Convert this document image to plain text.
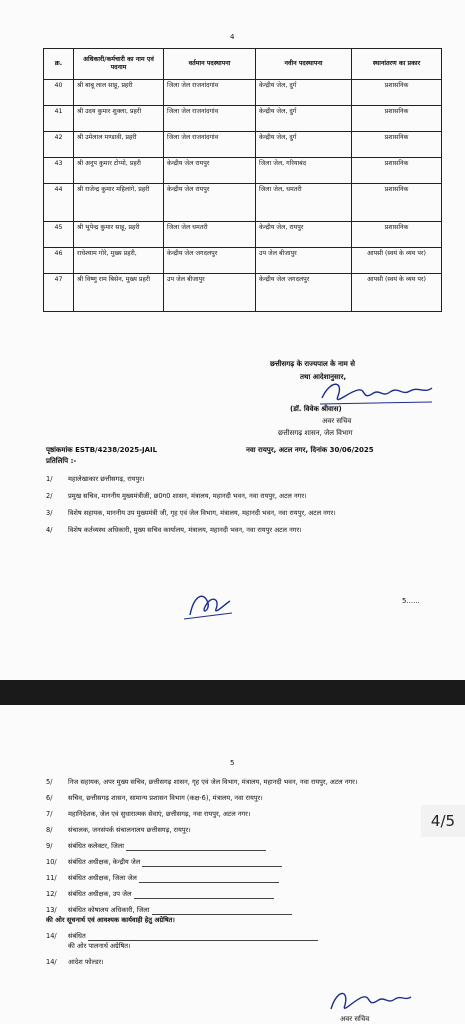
4
क्र.	अधिकारी/कर्मचारी का नाम एवं पदनाम	वर्तमान पदस्थापना	नवीन पदस्थापना	स्थानांतरण का प्रकार
40	श्री बाबू लाल साहू, प्रहरी	जिला जेल राजनांदगांव	केन्द्रीय जेल, दुर्ग	प्रशासनिक
41	श्री उदय कुमार शुक्ला, प्रहरी	जिला जेल राजनांदगांव	केन्द्रीय जेल, दुर्ग	प्रशासनिक
42	श्री उमेलाल मण्डावी, प्रहरी	जिला जेल राजनांदगांव	केन्द्रीय जेल, दुर्ग	प्रशासनिक
43	श्री अनूप कुमार टोप्पो, प्रहरी	केन्द्रीय जेल रायपुर	जिला जेल, गरियाबंद	प्रशासनिक
44	श्री राजेन्द्र कुमार महिलांगे, प्रहरी	केन्द्रीय जेल रायपुर	जिला जेल, धमतरी	प्रशासनिक
45	श्री भूपेन्द्र कुमार साहू, प्रहरी	जिला जेल धमतरी	केन्द्रीय जेल, रायपुर	प्रशासनिक
46	राधेश्याम गोरे, मुख्य प्रहरी,	केन्द्रीय जेल जगदलपुर	उप जेल बीजापुर	आपसी (स्वयं के व्यय पर)
47	श्री विष्णु राम बिसेन, मुख्य प्रहरी	उप जेल बीजापुर	केन्द्रीय जेल जगदलपुर	आपसी (स्वयं के व्यय पर)
छत्तीसगढ़ के राज्यपाल के नाम से
तथा आदेशानुसार,
(डॉ. विवेक श्रीवास)
अवर सचिव
छत्तीसगढ़ शासन, जेल विभाग
पृष्ठांकमांक ESTB/4238/2025-JAIL	नवा रायपुर, अटल नगर, दिनांक 30/06/2025
प्रतिलिपि :-
1/	महालेखाकार छत्तीसगढ़, रायपुर।
2/	प्रमुख सचिव, माननीय मुख्यमंत्रीजी, छ0ग0 शासन, मंत्रालय, महानदी भवन, नवा रायपुर, अटल नगर।
3/	विशेष सहायक, माननीय उप मुख्यमंत्री जी, गृह एवं जेल विभाग, मंत्रालय, महानदी भवन, नवा रायपुर, अटल नगर।
4/	विशेष कर्तव्यस्थ अधिकारी, मुख्य सचिव कार्यालय, मंत्रालय, महानदी भवन, नवा रायपुर अटल नगर।
5......
5
4/5
5/	निज सहायक, अपर मुख्य सचिव, छत्तीसगढ़ शासन, गृह एवं जेल विभाग, मंत्रालय, महानदी भवन, नवा रायपुर, अटल नगर।
6/	सचिव, छत्तीसगढ़ शासन, सामान्य प्रशासन विभाग (कक्ष-6), मंत्रालय, नवा रायपुर।
7/	महानिदेशक, जेल एवं सुधारात्मक सेवाएं, छत्तीसगढ़, नवा रायपुर, अटल नगर।
8/	संचालक, जनसंपर्क संचालनालय छत्तीसगढ़, रायपुर।
9/	संबंधित कलेक्टर, जिला
10/	संबंधित अधीक्षक, केन्द्रीय जेल
11/	संबंधित अधीक्षक, जिला जेल
12/	संबंधित अधीक्षक, उप जेल
13/	संबंधित कोषालय अधिकारी, जिला
की ओर सूचनार्थ एवं आवश्यक कार्यवाही हेतु अग्रेषित।
14/	संबंधित
की ओर पालनार्थ अग्रेषित।
14/	आदेश फोल्डर।
अवर सचिव
